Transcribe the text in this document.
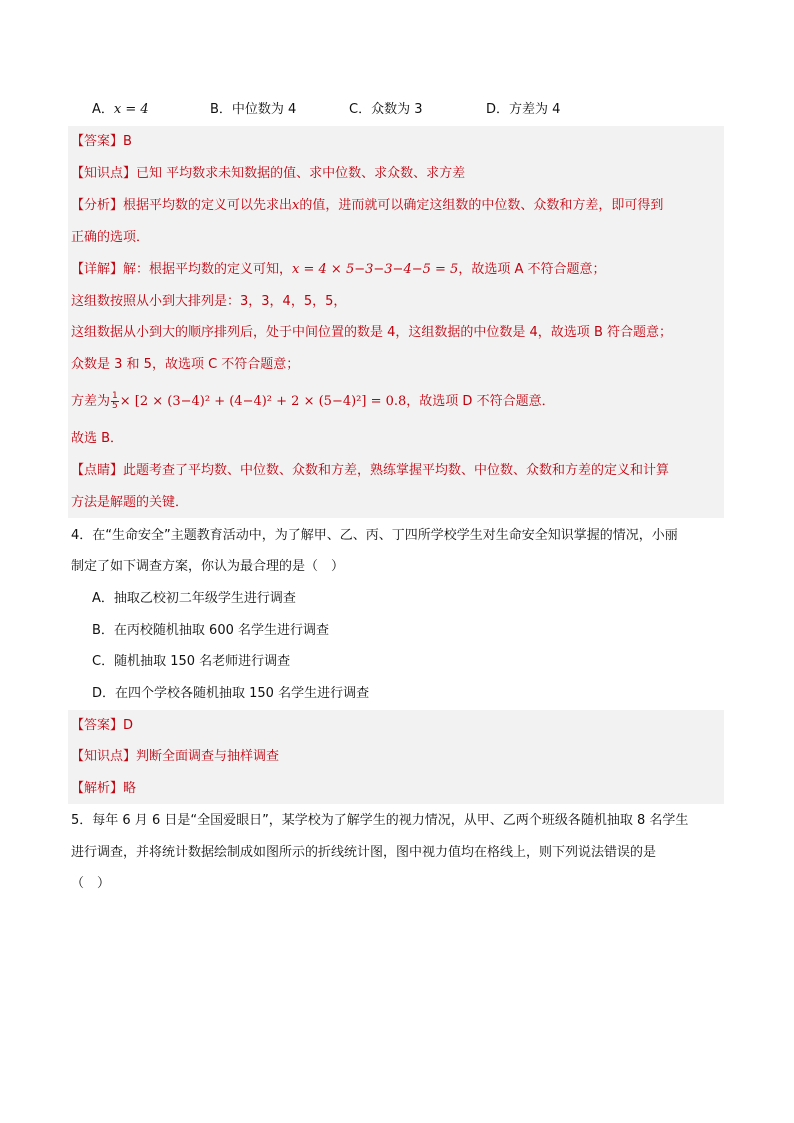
A．x = 4	B．中位数为 4	C．众数为 3	D．方差为 4
【答案】B
【知识点】已知 平均数求未知数据的值、求中位数、求众数、求方差
【分析】根据平均数的定义可以先求出x的值，进而就可以确定这组数的中位数、众数和方差，即可得到
正确的选项．
【详解】解：根据平均数的定义可知，x = 4 × 5−3−3−4−5 = 5，故选项 A 不符合题意；
这组数按照从小到大排列是：3，3，4，5，5，
这组数据从小到大的顺序排列后，处于中间位置的数是 4，这组数据的中位数是 4，故选项 B 符合题意；
众数是 3 和 5，故选项 C 不符合题意；
方差为 $\frac{1}{5} \times [2 \times (3-4)^2 + (4-4)^2 + 2 \times (5-4)^2] = 0.8$，故选项 D 不符合题意．
故选 B．
【点睛】此题考查了平均数、中位数、众数和方差，熟练掌握平均数、中位数、众数和方差的定义和计算
方法是解题的关键．
4．在“生命安全”主题教育活动中，为了解甲、乙、丙、丁四所学校学生对生命安全知识掌握的情况，小丽
制定了如下调查方案，你认为最合理的是（　）
A．抽取乙校初二年级学生进行调查
B．在丙校随机抽取 600 名学生进行调查
C．随机抽取 150 名老师进行调查
D．在四个学校各随机抽取 150 名学生进行调查
【答案】D
【知识点】判断全面调查与抽样调查
【解析】略
5．每年 6 月 6 日是“全国爱眼日”，某学校为了解学生的视力情况，从甲、乙两个班级各随机抽取 8 名学生
进行调查，并将统计数据绘制成如图所示的折线统计图，图中视力值均在格线上，则下列说法错误的是
（　）
